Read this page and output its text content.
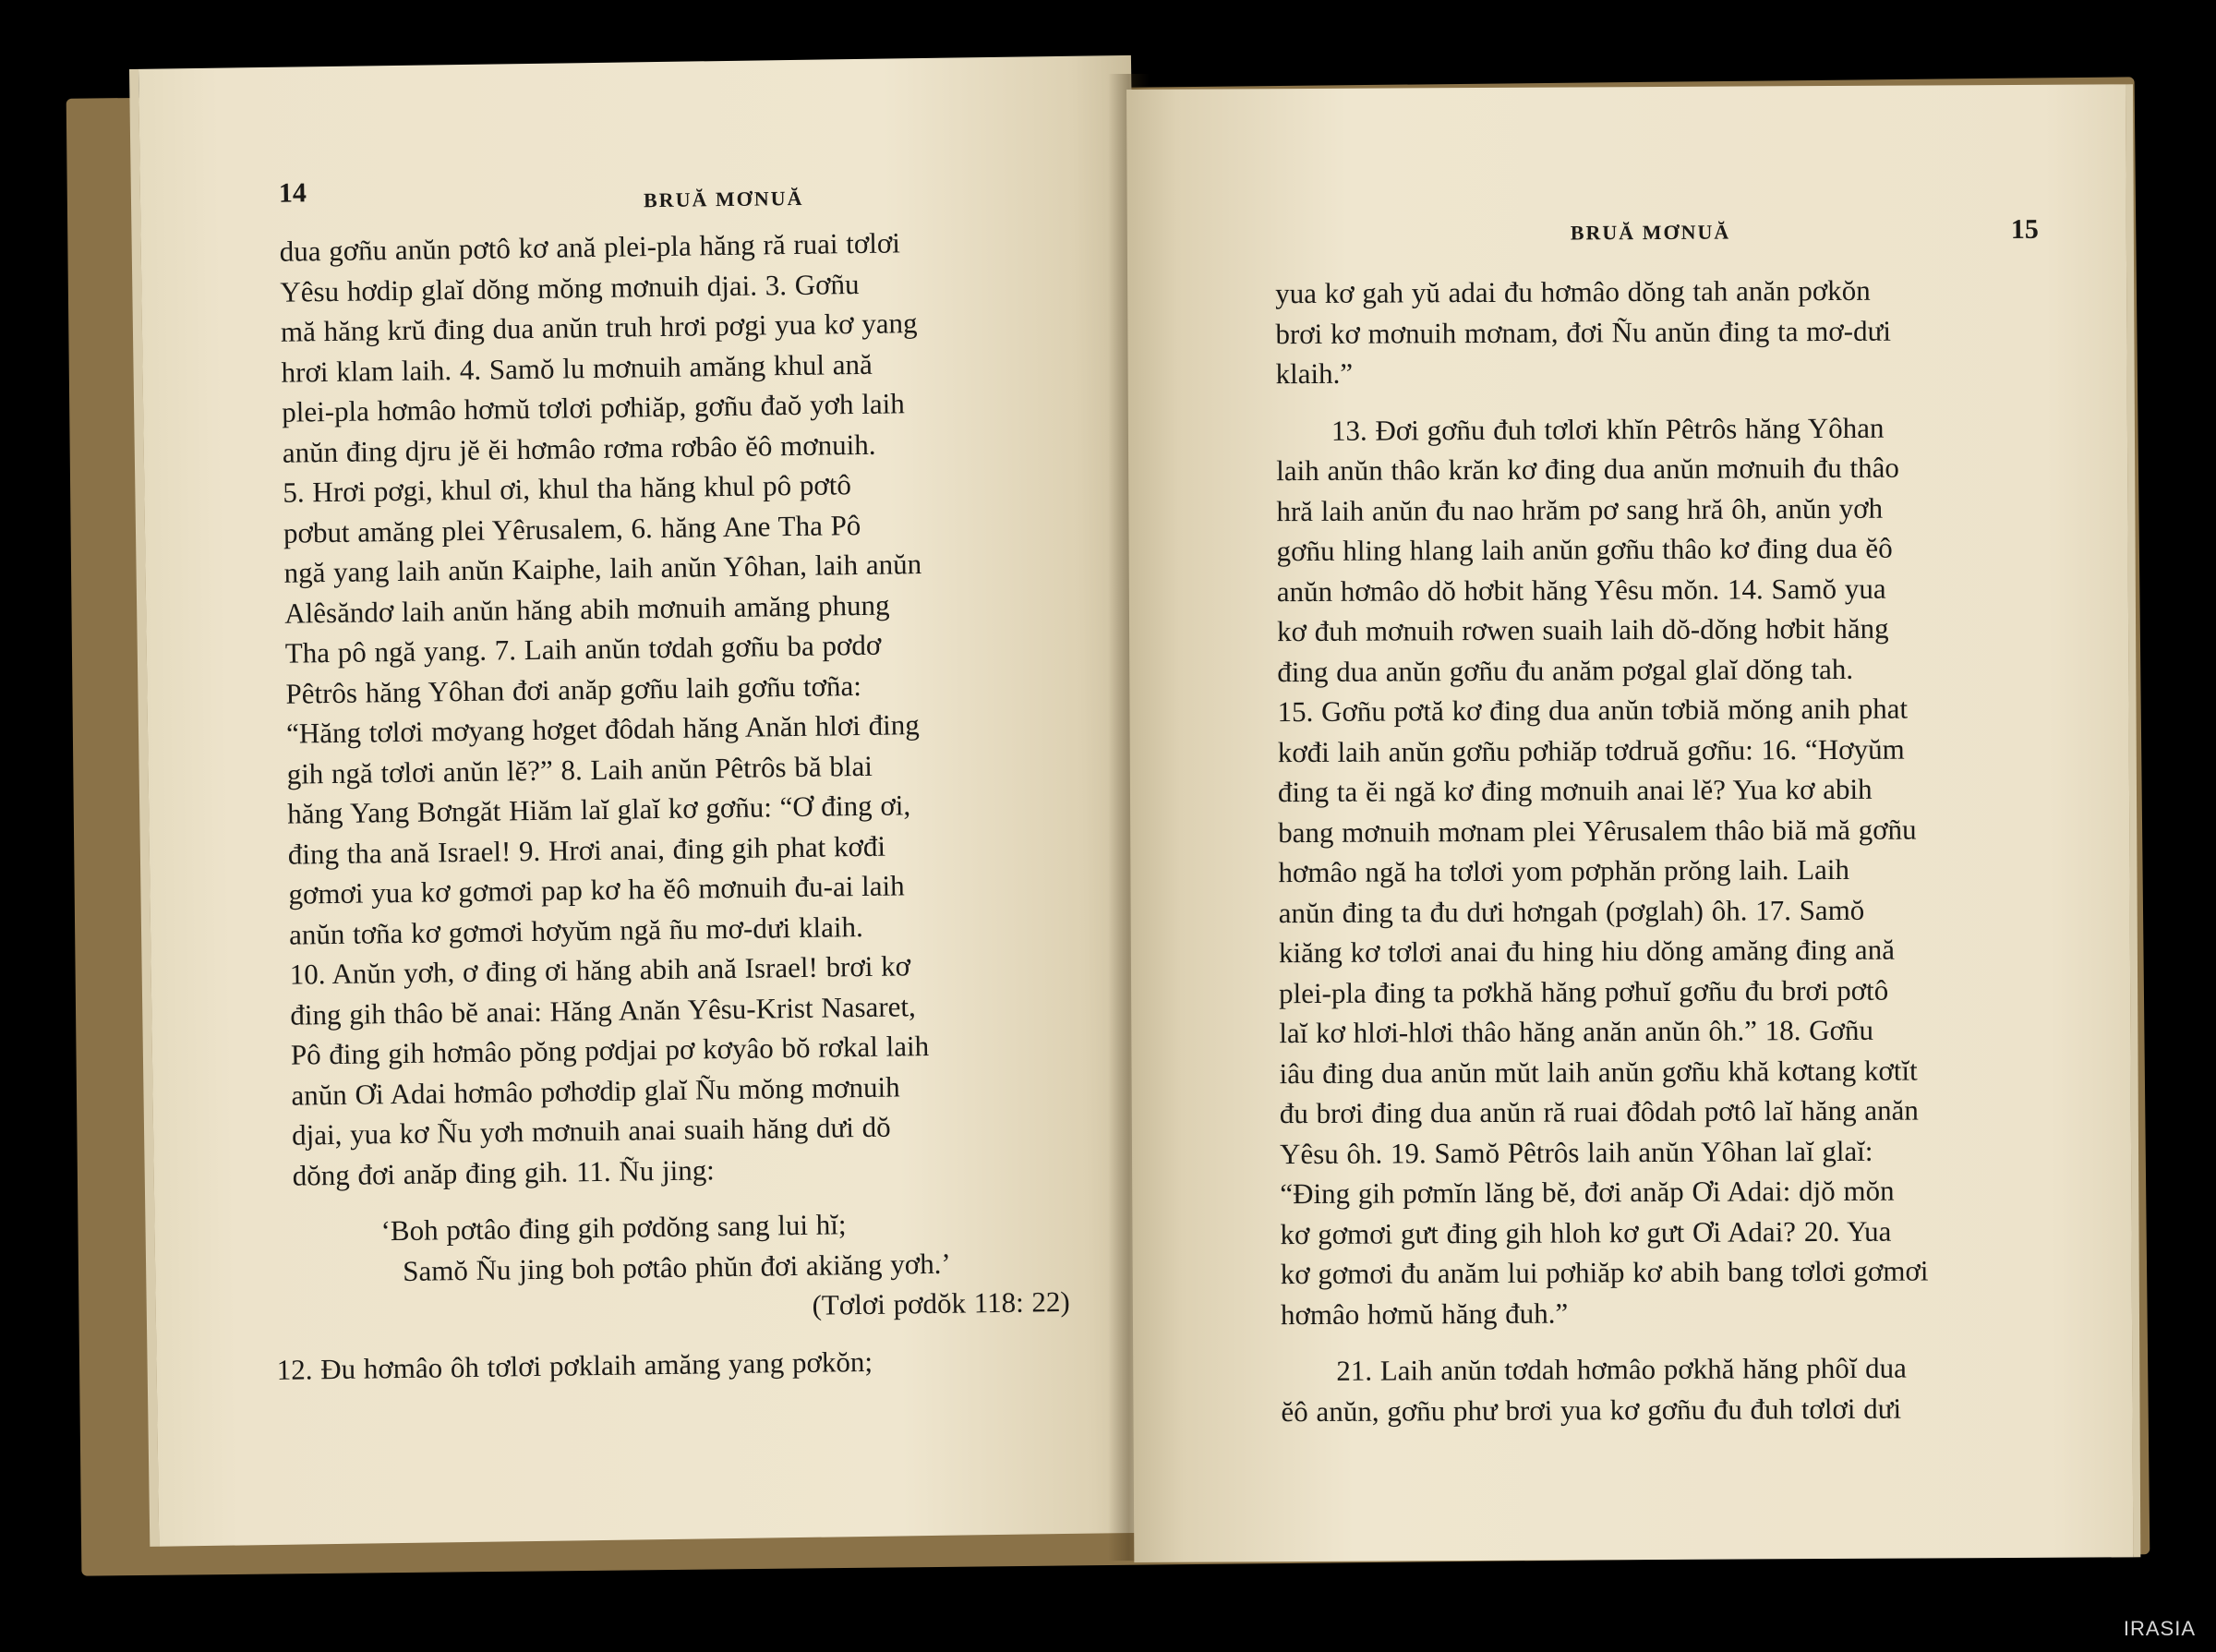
14	BRUĂ MƠNUĂ
dua gơñu anŭn pơtô kơ ană plei-pla hăng ră ruai tơlơi
Yêsu hơdip glaĭ dŏng mŏng mơnuih djai. 3. Gơñu
mă hăng krŭ đing dua anŭn truh hrơi pơgi yua kơ yang
hrơi klam laih. 4. Samŏ lu mơnuih amăng khul ană
plei-pla hơmâo hơmŭ tơlơi pơhiăp, gơñu đaŏ yơh laih
anŭn đing djru jĕ ĕi hơmâo rơma rơbâo ĕô mơnuih.
5. Hrơi pơgi, khul ơi, khul tha hăng khul pô pơtô
pơbut amăng plei Yêrusalem, 6. hăng Ane Tha Pô
ngă yang laih anŭn Kaiphe, laih anŭn Yôhan, laih anŭn
Alêsăndơ laih anŭn hăng abih mơnuih amăng phung
Tha pô ngă yang. 7. Laih anŭn tơdah gơñu ba pơdơ
Pêtrôs hăng Yôhan đơi anăp gơñu laih gơñu tơña:
“Hăng tơlơi mơyang hơget đôdah hăng Anăn hlơi đing
gih ngă tơlơi anŭn lĕ?” 8. Laih anŭn Pêtrôs bă blai
hăng Yang Bơngăt Hiăm laĭ glaĭ kơ gơñu: “Ơ đing ơi,
đing tha ană Israel! 9. Hrơi anai, đing gih phat kơđi
gơmơi yua kơ gơmơi pap kơ ha ĕô mơnuih đu-ai laih
anŭn tơña kơ gơmơi hơyŭm ngă ñu mơ-dưi klaih.
10. Anŭn yơh, ơ đing ơi hăng abih ană Israel! brơi kơ
đing gih thâo bĕ anai: Hăng Anăn Yêsu-Krist Nasaret,
Pô đing gih hơmâo pŏng pơdjai pơ kơyâo bŏ rơkal laih
anŭn Ơi Adai hơmâo pơhơdip glaĭ Ñu mŏng mơnuih
djai, yua kơ Ñu yơh mơnuih anai suaih hăng dưi dŏ
dŏng đơi anăp đing gih. 11. Ñu jing:
‘Boh pơtâo đing gih pơdŏng sang lui hĭ;
Samŏ Ñu jing boh pơtâo phŭn đơi akiăng yơh.’
(Tơlơi pơdŏk 118: 22)
12. Đu hơmâo ôh tơlơi pơklaih amăng yang pơkŏn;
BRUĂ MƠNUĂ	15
yua kơ gah yŭ adai đu hơmâo dŏng tah anăn pơkŏn
brơi kơ mơnuih mơnam, đơi Ñu anŭn đing ta mơ-dưi
klaih.”
13. Đơi gơñu đuh tơlơi khĭn Pêtrôs hăng Yôhan
laih anŭn thâo krăn kơ đing dua anŭn mơnuih đu thâo
hră laih anŭn đu nao hrăm pơ sang hră ôh, anŭn yơh
gơñu hling hlang laih anŭn gơñu thâo kơ đing dua ĕô
anŭn hơmâo dŏ hơbit hăng Yêsu mŏn. 14. Samŏ yua
kơ đuh mơnuih rơwen suaih laih dŏ-dŏng hơbit hăng
đing dua anŭn gơñu đu anăm pơgal glaĭ dŏng tah.
15. Gơñu pơtă kơ đing dua anŭn tơbiă mŏng anih phat
kơđi laih anŭn gơñu pơhiăp tơdruă gơñu: 16. “Hơyŭm
đing ta ĕi ngă kơ đing mơnuih anai lĕ? Yua kơ abih
bang mơnuih mơnam plei Yêrusalem thâo biă mă gơñu
hơmâo ngă ha tơlơi yom pơphăn prŏng laih. Laih
anŭn đing ta đu dưi hơngah (pơglah) ôh. 17. Samŏ
kiăng kơ tơlơi anai đu hing hiu dŏng amăng đing ană
plei-pla đing ta pơkhă hăng pơhuĭ gơñu đu brơi pơtô
laĭ kơ hlơi-hlơi thâo hăng anăn anŭn ôh.” 18. Gơñu
iâu đing dua anŭn mŭt laih anŭn gơñu khă kơtang kơtĭt
đu brơi đing dua anŭn ră ruai đôdah pơtô laĭ hăng anăn
Yêsu ôh. 19. Samŏ Pêtrôs laih anŭn Yôhan laĭ glaĭ:
“Đing gih pơmĭn lăng bĕ, đơi anăp Ơi Adai: djŏ mŏn
kơ gơmơi gưt đing gih hloh kơ gưt Ơi Adai? 20. Yua
kơ gơmơi đu anăm lui pơhiăp kơ abih bang tơlơi gơmơi
hơmâo hơmŭ hăng đuh.”
21. Laih anŭn tơdah hơmâo pơkhă hăng phôĭ dua
ĕô anŭn, gơñu phư brơi yua kơ gơñu đu đuh tơlơi dưi
IRASIA
